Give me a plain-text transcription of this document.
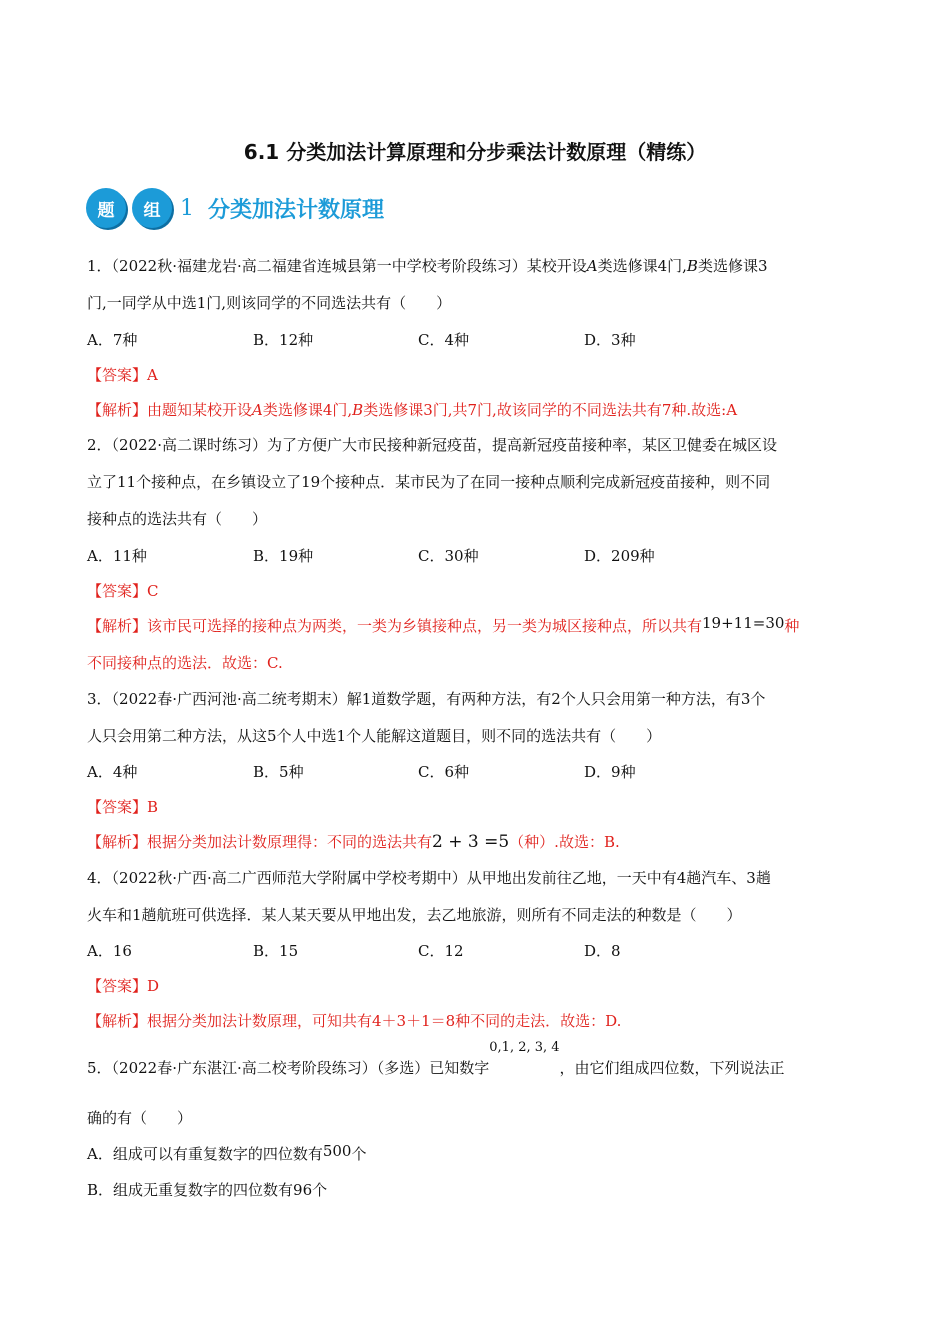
6.1 分类加法计算原理和分步乘法计数原理（精练）
题	组 1 分类加法计数原理
1．（2022秋·福建龙岩·高二福建省连城县第一中学校考阶段练习）某校开设A类选修课4门,B类选修课3
门,一同学从中选1门,则该同学的不同选法共有（　　）
A．7种	B．12种	C．4种	D．3种
【答案】A
【解析】由题知某校开设A类选修课4门,B类选修课3门,共7门,故该同学的不同选法共有7种.故选:A
2．（2022·高二课时练习）为了方便广大市民接种新冠疫苗，提高新冠疫苗接种率，某区卫健委在城区设
立了11个接种点，在乡镇设立了19个接种点．某市民为了在同一接种点顺利完成新冠疫苗接种，则不同
接种点的选法共有（　　）
A．11种	B．19种	C．30种	D．209种
【答案】C
【解析】该市民可选择的接种点为两类，一类为乡镇接种点，另一类为城区接种点，所以共有19+11=30种
不同接种点的选法．故选：C.
3．（2022春·广西河池·高二统考期末）解1道数学题，有两种方法，有2个人只会用第一种方法，有3个
人只会用第二种方法，从这5个人中选1个人能解这道题目，则不同的选法共有（　　）
A．4种	B．5种	C．6种	D．9种
【答案】B
【解析】根据分类加法计数原理得：不同的选法共有2 + 3 =5（种）.故选：B.
4．（2022秋·广西·高二广西师范大学附属中学校考期中）从甲地出发前往乙地，一天中有4趟汽车、3趟
火车和1趟航班可供选择．某人某天要从甲地出发，去乙地旅游，则所有不同走法的种数是（　　）
A．16	B．15	C．12	D．8
【答案】D
【解析】根据分类加法计数原理，可知共有4＋3＋1＝8种不同的走法．故选：D.
5．（2022春·广东湛江·高二校考阶段练习）（多选）已知数字0,1, 2, 3, 4，由它们组成四位数，下列说法正
确的有（　　）
A．组成可以有重复数字的四位数有500个
B．组成无重复数字的四位数有96个
